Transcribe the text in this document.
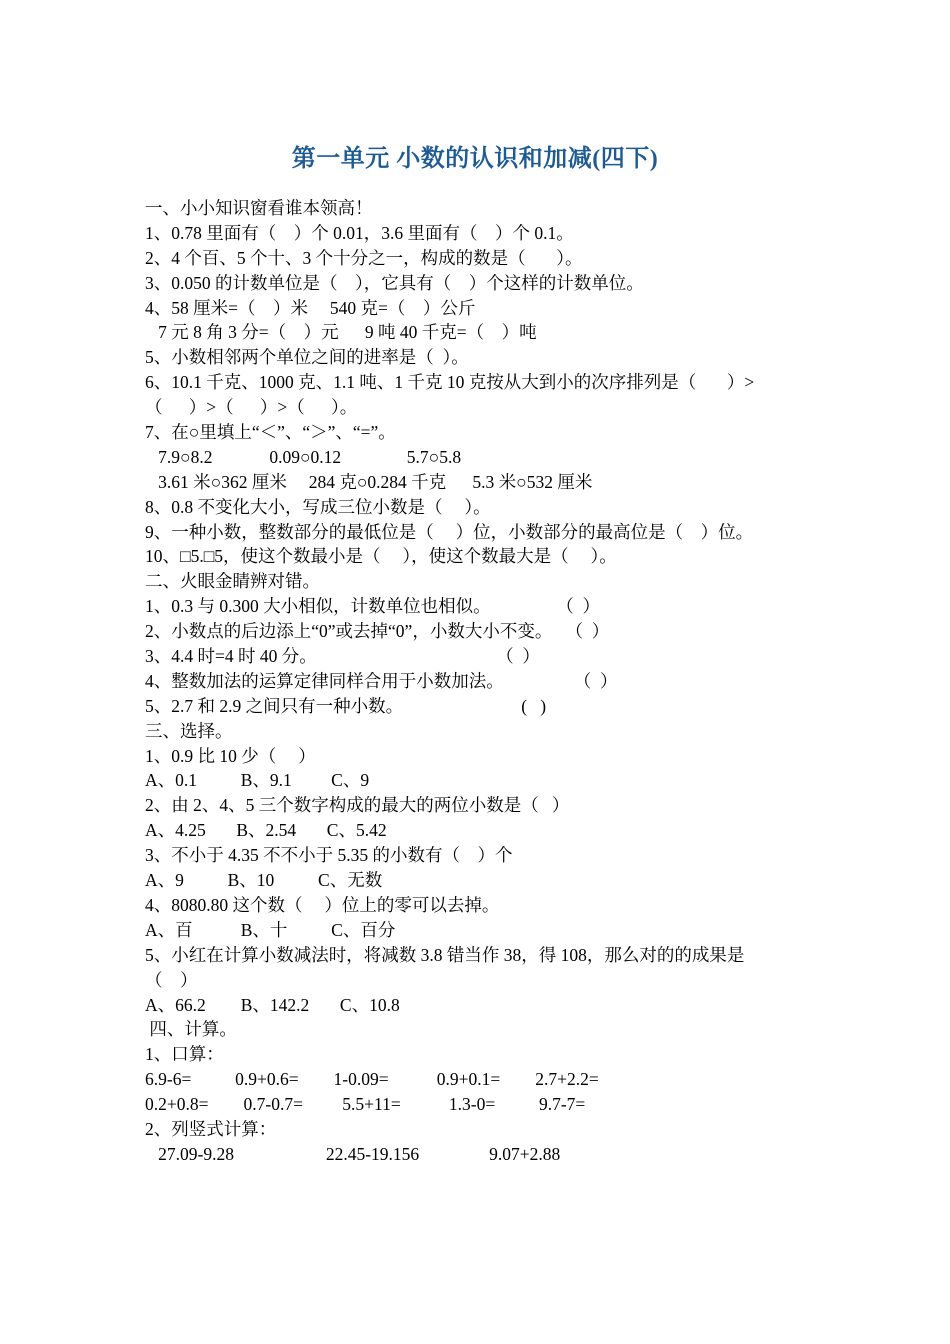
第一单元 小数的认识和加减(四下)
一、小小知识窗看谁本领高！
1、0.78 里面有（    ）个 0.01，3.6 里面有（    ）个 0.1。
2、4 个百、5 个十、3 个十分之一，构成的数是（       ）。
3、0.050 的计数单位是（    ），它具有（    ）个这样的计数单位。
4、58 厘米=（    ）米     540 克=（    ）公斤
7 元 8 角 3 分=（    ）元      9 吨 40 千克=（    ）吨
5、小数相邻两个单位之间的进率是（  ）。
6、10.1 千克、1000 克、1.1 吨、1 千克 10 克按从大到小的次序排列是（       ）>
（      ）>（      ）>（      ）。
7、在○里填上“＜”、“＞”、“=”。
7.9○8.2             0.09○0.12               5.7○5.8
3.61 米○362 厘米     284 克○0.284 千克      5.3 米○532 厘米
8、0.8 不变化大小，写成三位小数是（     ）。
9、一种小数，整数部分的最低位是（     ）位，小数部分的最高位是（    ）位。
10、□5.□5，使这个数最小是（     ），使这个数最大是（     ）。
二、火眼金睛辨对错。
1、0.3 与 0.300 大小相似，计数单位也相似。               （  ）
2、小数点的后边添上“0”或去掉“0”，小数大小不变。   （  ）
3、4.4 时=4 时 40 分。                                         （  ）
4、整数加法的运算定律同样合用于小数加法。                （  ）
5、2.7 和 2.9 之间只有一种小数。                           (   )
三、选择。
1、0.9 比 10 少（     ）
A、0.1          B、9.1         C、9
2、由 2、4、5 三个数字构成的最大的两位小数是（   ）
A、4.25       B、2.54       C、5.42
3、不小于 4.35 不不小于 5.35 的小数有（    ）个
A、9          B、10          C、无数
4、8080.80 这个数（     ）位上的零可以去掉。
A、百           B、十          C、百分
5、小红在计算小数减法时，将减数 3.8 错当作 38，得 108，那么对的的成果是
（    ）
A、66.2        B、142.2       C、10.8
四、计算。
1、口算：
6.9-6=          0.9+0.6=        1-0.09=           0.9+0.1=        2.7+2.2=
0.2+0.8=        0.7-0.7=         5.5+11=           1.3-0=          9.7-7=
2、列竖式计算：
27.09-9.28                     22.45-19.156                9.07+2.88
